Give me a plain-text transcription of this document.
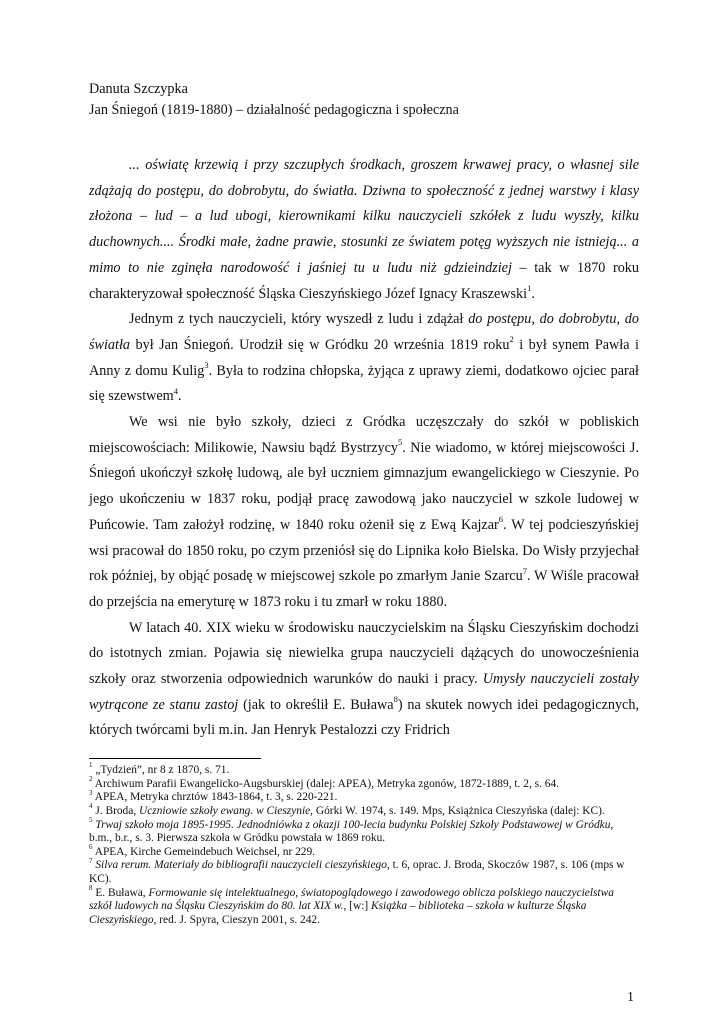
Danuta Szczypka

Jan Śniegoń (1819-1880) – działalność pedagogiczna i społeczna

... oświatę krzewią i przy szczupłych środkach, groszem krwawej pracy, o własnej sile zdążają do postępu, do dobrobytu, do światła. Dziwna to społeczność z jednej warstwy i klasy złożona – lud – a lud ubogi, kierownikami kilku nauczycieli szkółek z ludu wyszły, kilku duchownych.... Środki małe, żadne prawie, stosunki ze światem potęg wyższych nie istnieją... a mimo to nie zginęła narodowość i jaśniej tu u ludu niż gdzieindziej – tak w 1870 roku charakteryzował społeczność Śląska Cieszyńskiego Józef Ignacy Kraszewski$^1$.

Jednym z tych nauczycieli, który wyszedł z ludu i zdążał do postępu, do dobrobytu, do światła był Jan Śniegoń. Urodził się w Gródku 20 września 1819 roku$^2$ i był synem Pawła i Anny z domu Kulig$^3$. Była to rodzina chłopska, żyjąca z uprawy ziemi, dodatkowo ojciec parał się szewstwem$^4$.

We wsi nie było szkoły, dzieci z Gródka uczęszczały do szkół w pobliskich miejscowościach: Milikowie, Nawsiu bądź Bystrzycy$^5$. Nie wiadomo, w której miejscowości J. Śniegoń ukończył szkołę ludową, ale był uczniem gimnazjum ewangelickiego w Cieszynie. Po jego ukończeniu w 1837 roku, podjął pracę zawodową jako nauczyciel w szkole ludowej w Puńcowie. Tam założył rodzinę, w 1840 roku ożenił się z Ewą Kajzar$^6$. W tej podcieszyńskiej wsi pracował do 1850 roku, po czym przeniósł się do Lipnika koło Bielska. Do Wisły przyjechał rok później, by objąć posadę w miejscowej szkole po zmarłym Janie Szarcu$^7$. W Wiśle pracował do przejścia na emeryturę w 1873 roku i tu zmarł w roku 1880.

W latach 40. XIX wieku w środowisku nauczycielskim na Śląsku Cieszyńskim dochodzi do istotnych zmian. Pojawia się niewielka grupa nauczycieli dążących do unowocześnienia szkoły oraz stworzenia odpowiednich warunków do nauki i pracy. Umysły nauczycieli zostały wytrącone ze stanu zastoj (jak to określił E. Buława$^8$) na skutek nowych idei pedagogicznych, których twórcami byli m.in. Jan Henryk Pestalozzi czy Fridrich

$^1$ „Tydzień”, nr 8 z 1870, s. 71.

$^2$ Archiwum Parafii Ewangelicko-Augsburskiej (dalej: APEA), Metryka zgonów, 1872-1889, t. 2, s. 64.

$^3$ APEA, Metryka chrztów 1843-1864, t. 3, s. 220-221.

$^4$ J. Broda, Uczniowie szkoły ewang. w Cieszynie, Górki W. 1974, s. 149. Mps, Książnica Cieszyńska (dalej: KC).

$^5$ Trwaj szkoło moja 1895-1995. Jednodniówka z okazji 100-lecia budynku Polskiej Szkoły Podstawowej w Gródku, b.m., b.r., s. 3. Pierwsza szkoła w Gródku powstała w 1869 roku.

$^6$ APEA, Kirche Gemeindebuch Weichsel, nr 229.

$^7$ Silva rerum. Materiały do bibliografii nauczycieli cieszyńskiego, t. 6, oprac. J. Broda, Skoczów 1987, s. 106 (mps w KC).

$^8$ E. Buława, Formowanie się intelektualnego, światopoglądowego i zawodowego oblicza polskiego nauczycielstwa szkół ludowych na Śląsku Cieszyńskim do 80. lat XIX w., [w:] Książka – biblioteka – szkoła w kulturze Śląska Cieszyńskiego, red. J. Spyra, Cieszyn 2001, s. 242.

1
